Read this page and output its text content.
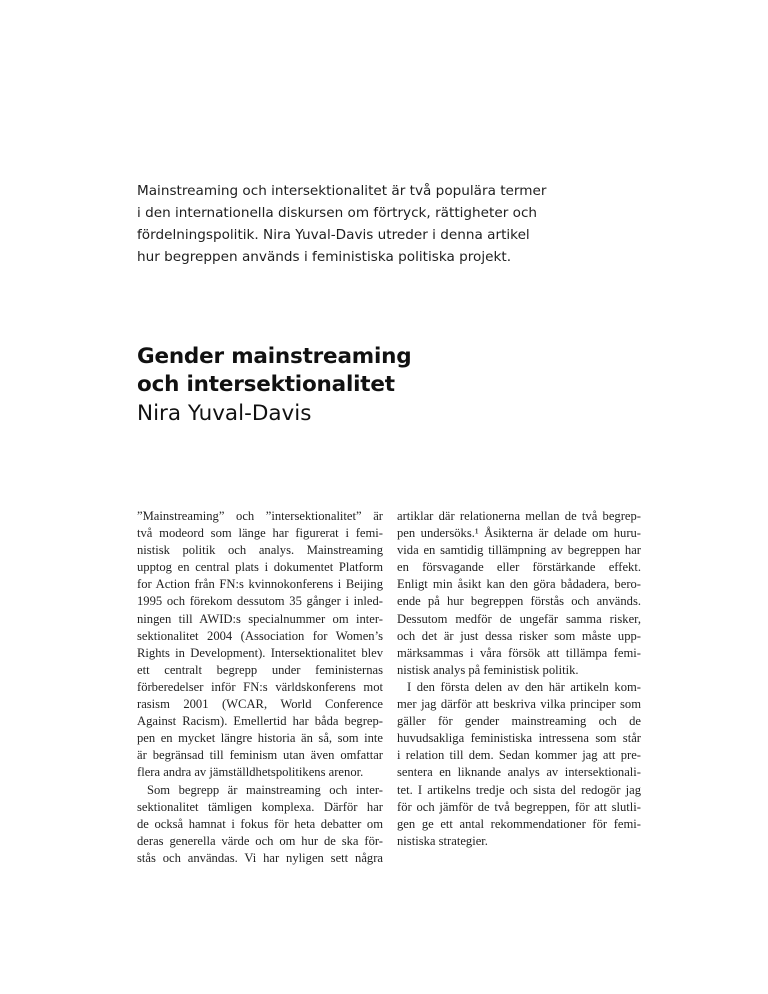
Mainstreaming och intersektionalitet är två populära termer
i den internationella diskursen om förtryck, rättigheter och
fördelningspolitik. Nira Yuval-Davis utreder i denna artikel
hur begreppen används i feministiska politiska projekt.
Gender mainstreaming
och intersektionalitet
Nira Yuval-Davis
”Mainstreaming” och ”intersektionalitet” är
två modeord som länge har figurerat i femi-
nistisk politik och analys. Mainstreaming
upptog en central plats i dokumentet Platform
for Action från FN:s kvinnokonferens i Beijing
1995 och förekom dessutom 35 gånger i inled-
ningen till AWID:s specialnummer om inter-
sektionalitet 2004 (Association for Women’s
Rights in Development). Intersektionalitet blev
ett centralt begrepp under feministernas
förberedelser inför FN:s världskonferens mot
rasism 2001 (WCAR, World Conference
Against Racism). Emellertid har båda begrep-
pen en mycket längre historia än så, som inte
är begränsad till feminism utan även omfattar
flera andra av jämställdhetspolitikens arenor.
Som begrepp är mainstreaming och inter-
sektionalitet tämligen komplexa. Därför har
de också hamnat i fokus för heta debatter om
deras generella värde och om hur de ska för-
stås och användas. Vi har nyligen sett några
artiklar där relationerna mellan de två begrep-
pen undersöks.¹ Åsikterna är delade om huru-
vida en samtidig tillämpning av begreppen har
en försvagande eller förstärkande effekt.
Enligt min åsikt kan den göra bådadera, bero-
ende på hur begreppen förstås och används.
Dessutom medför de ungefär samma risker,
och det är just dessa risker som måste upp-
märksammas i våra försök att tillämpa femi-
nistisk analys på feministisk politik.
I den första delen av den här artikeln kom-
mer jag därför att beskriva vilka principer som
gäller för gender mainstreaming och de
huvudsakliga feministiska intressena som står
i relation till dem. Sedan kommer jag att pre-
sentera en liknande analys av intersektionali-
tet. I artikelns tredje och sista del redogör jag
för och jämför de två begreppen, för att slutli-
gen ge ett antal rekommendationer för femi-
nistiska strategier.
